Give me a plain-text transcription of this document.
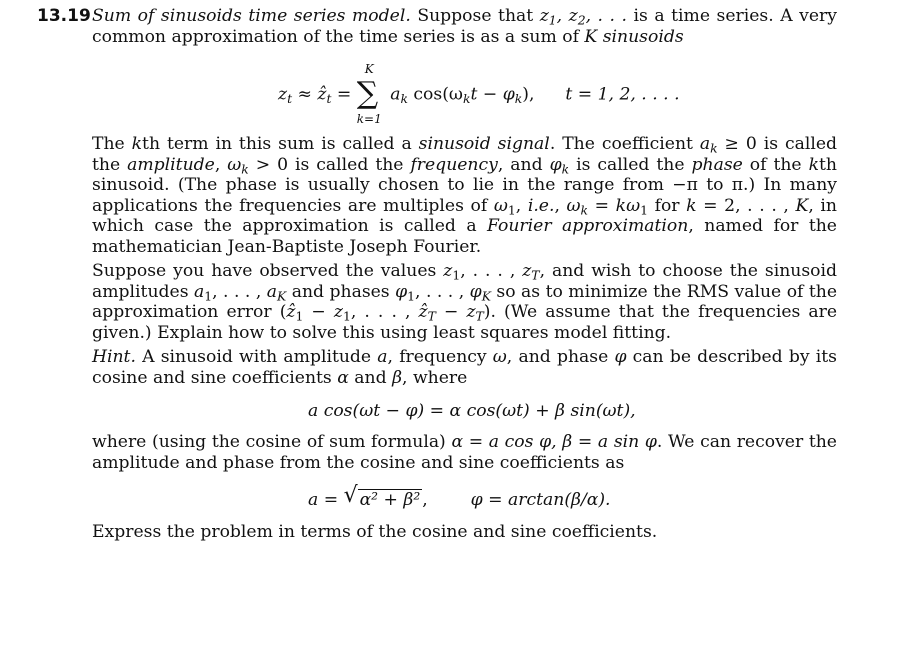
13.19 Sum of sinusoids time series model. Suppose that $z_1$, $z_2$, . . . is a time series. A very common approximation of the time series is as a sum of K sinusoids

$z_t$ ≈ ẑ$_t$ =
K
∑
k=1
$a_k$ $\cos(\omega_kt - \varphi_k)$, t = 1, 2, . . . .

The kth term in this sum is called a sinusoid signal. The coefficient $a_k \ge 0$ is called the amplitude, $\omega_k > 0$ is called the frequency, and $\varphi_k$ is called the phase of the kth sinusoid. (The phase is usually chosen to lie in the range from −π to π.) In many applications the frequencies are multiples of $\omega_1$, i.e., $\omega_k = k\omega_1$ for k = 2, . . . , K, in which case the approximation is called a Fourier approximation, named for the mathematician Jean-Baptiste Joseph Fourier.

Suppose you have observed the values $z_1$, . . . , $z_T$, and wish to choose the sinusoid amplitudes $a_1$, . . . , $a_K$ and phases $\varphi_1$, . . . , $\varphi_K$ so as to minimize the RMS value of the approximation error (ẑ$_1$ − $z_1$, . . . , ẑ$_T$ − $z_T$). (We assume that the frequencies are given.) Explain how to solve this using least squares model fitting.

Hint. A sinusoid with amplitude a, frequency ω, and phase φ can be described by its cosine and sine coefficients α and β, where

a cos(ωt − φ) = α cos(ωt) + β sin(ωt),

where (using the cosine of sum formula) α = a cos φ, β = a sin φ. We can recover the amplitude and phase from the cosine and sine coefficients as

a = √ α² + β² , φ = arctan(β/α).
Express the problem in terms of the cosine and sine coefficients.
